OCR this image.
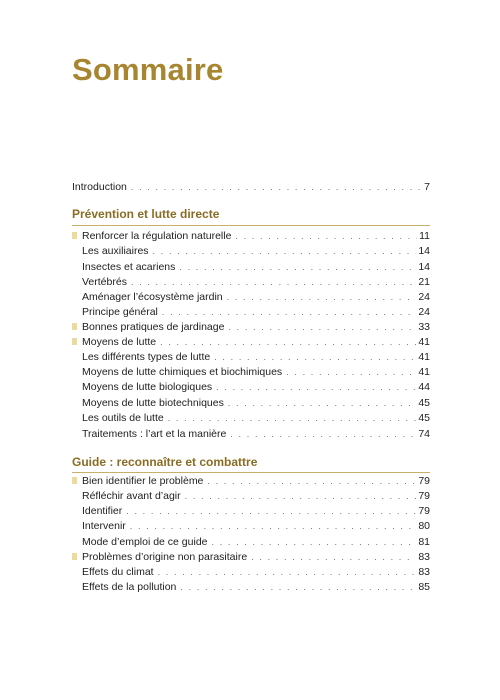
Sommaire
Introduction . . .	7
Prévention et lutte directe
Renforcer la régulation naturelle . . .	11
Les auxiliaires . . .	14
Insectes et acariens . . .	14
Vertébrés . . .	21
Aménager l’écosystème jardin . . .	24
Principe général . . .	24
Bonnes pratiques de jardinage . . .	33
Moyens de lutte . . .	41
Les différents types de lutte . . .	41
Moyens de lutte chimiques et biochimiques . . .	41
Moyens de lutte biologiques . . .	44
Moyens de lutte biotechniques . . .	45
Les outils de lutte . . .	45
Traitements : l’art et la manière . . .	74
Guide : reconnaître et combattre
Bien identifier le problème . . .	79
Réfléchir avant d’agir . . .	79
Identifier . . .	79
Intervenir . . .	80
Mode d’emploi de ce guide . . .	81
Problèmes d’origine non parasitaire . . .	83
Effets du climat . . .	83
Effets de la pollution . . .	85
